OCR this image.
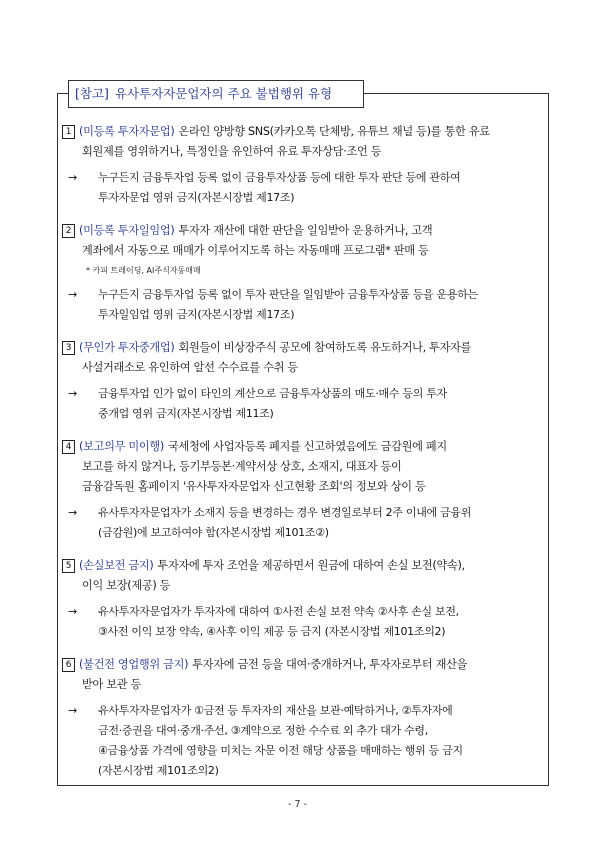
[참고] 유사투자자문업자의 주요 불법행위 유형
1 (미등록 투자자문업) 온라인 양방향 SNS(카카오톡 단체방, 유튜브 채널 등)를 통한 유료
회원제를 영위하거나, 특정인을 유인하여 유료 투자상담·조언 등
→	누구든지 금융투자업 등록 없이 금융투자상품 등에 대한 투자 판단 등에 관하여
투자자문업 영위 금지(자본시장법 제17조)
2 (미등록 투자일임업) 투자자 재산에 대한 판단을 일임받아 운용하거나, 고객
계좌에서 자동으로 매매가 이루어지도록 하는 자동매매 프로그램* 판매 등
* 카피 트레이딩, AI주식자동매매
→	누구든지 금융투자업 등록 없이 투자 판단을 일임받아 금융투자상품 등을 운용하는
투자일임업 영위 금지(자본시장법 제17조)
3 (무인가 투자중개업) 회원들이 비상장주식 공모에 참여하도록 유도하거나, 투자자를
사설거래소로 유인하여 알선 수수료를 수취 등
→	금융투자업 인가 없이 타인의 계산으로 금융투자상품의 매도·매수 등의 투자
중개업 영위 금지(자본시장법 제11조)
4 (보고의무 미이행) 국세청에 사업자등록 폐지를 신고하였음에도 금감원에 폐지
보고를 하지 않거나, 등기부등본·계약서상 상호, 소재지, 대표자 등이
금융감독원 홈페이지 '유사투자자문업자 신고현황 조회'의 정보와 상이 등
→	유사투자자문업자가 소재지 등을 변경하는 경우 변경일로부터 2주 이내에 금융위
(금감원)에 보고하여야 함(자본시장법 제101조②)
5 (손실보전 금지) 투자자에 투자 조언을 제공하면서 원금에 대하여 손실 보전(약속),
이익 보장(제공) 등
→	유사투자자문업자가 투자자에 대하여 ①사전 손실 보전 약속 ②사후 손실 보전,
③사전 이익 보장 약속, ④사후 이익 제공 등 금지 (자본시장법 제101조의2)
6 (불건전 영업행위 금지) 투자자에 금전 등을 대여·중개하거나, 투자자로부터 재산을
받아 보관 등
→	유사투자자문업자가 ①금전 등 투자자의 재산을 보관·예탁하거나, ②투자자에
금전·증권을 대여·중개·주선, ③계약으로 정한 수수료 외 추가 대가 수령,
④금융상품 가격에 영향을 미치는 자문 이전 해당 상품을 매매하는 행위 등 금지
(자본시장법 제101조의2)
- 7 -
